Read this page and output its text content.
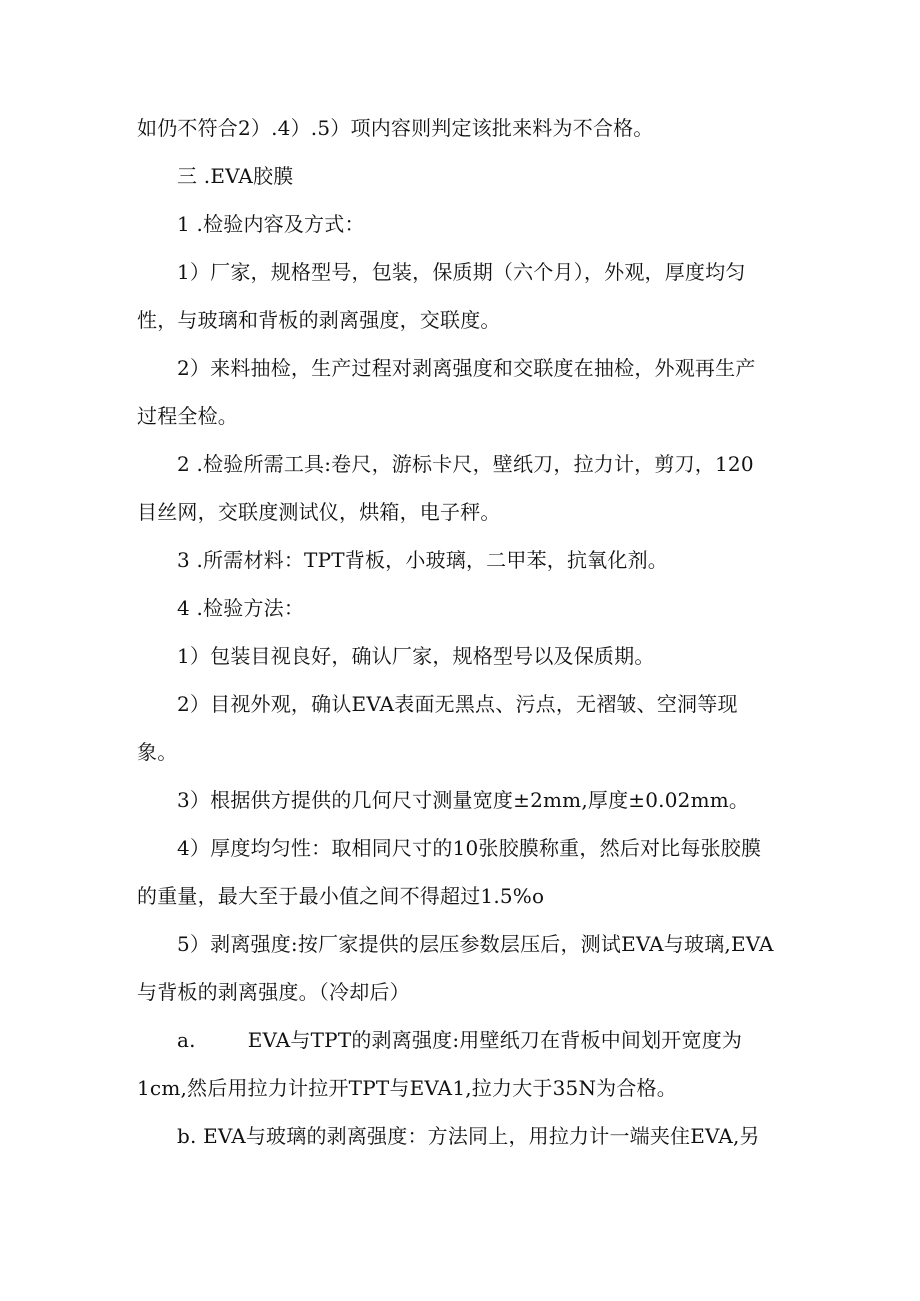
如仍不符合2）.4）.5）项内容则判定该批来料为不合格。
三 .EVA胶膜
1 .检验内容及方式：
1）厂家，规格型号，包装，保质期（六个月），外观，厚度均匀
性，与玻璃和背板的剥离强度，交联度。
2）来料抽检，生产过程对剥离强度和交联度在抽检，外观再生产
过程全检。
2 .检验所需工具:卷尺，游标卡尺，壁纸刀，拉力计，剪刀，120
目丝网，交联度测试仪，烘箱，电子秤。
3 .所需材料：TPT背板，小玻璃，二甲苯，抗氧化剂。
4 .检验方法：
1）包装目视良好，确认厂家，规格型号以及保质期。
2）目视外观，确认EVA表面无黑点、污点，无褶皱、空洞等现
象。
3）根据供方提供的几何尺寸测量宽度±2mm,厚度±0.02mm。
4）厚度均匀性：取相同尺寸的10张胶膜称重，然后对比每张胶膜
的重量，最大至于最小值之间不得超过1.5%o
5）剥离强度:按厂家提供的层压参数层压后，测试EVA与玻璃,EVA
与背板的剥离强度。（冷却后）
a.	EVA与TPT的剥离强度:用壁纸刀在背板中间划开宽度为
1cm,然后用拉力计拉开TPT与EVA1,拉力大于35N为合格。
b. EVA与玻璃的剥离强度：方法同上，用拉力计一端夹住EVA,另
